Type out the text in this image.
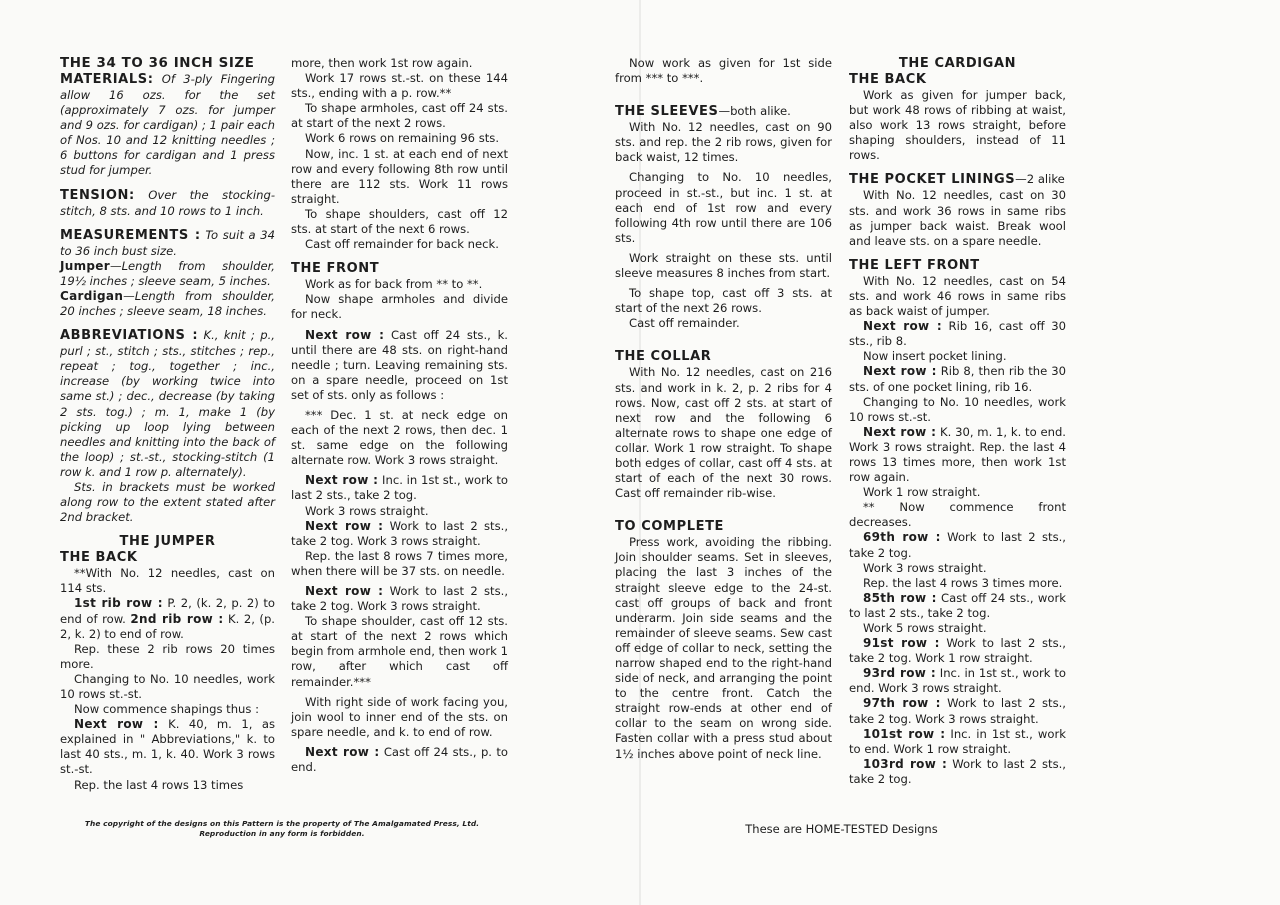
THE 34 TO 36 INCH SIZE

MATERIALS: Of 3-ply Fingering allow 16 ozs. for the set (approximately 7 ozs. for jumper and 9 ozs. for cardigan) ; 1 pair each of Nos. 10 and 12 knitting needles ; 6 buttons for cardigan and 1 press stud for jumper.

TENSION: Over the stocking-stitch, 8 sts. and 10 rows to 1 inch.

MEASUREMENTS : To suit a 34 to 36 inch bust size.

Jumper—Length from shoulder, 19½ inches ; sleeve seam, 5 inches.

Cardigan—Length from shoulder, 20 inches ; sleeve seam, 18 inches.

ABBREVIATIONS : K., knit ; p., purl ; st., stitch ; sts., stitches ; rep., repeat ; tog., together ; inc., increase (by working twice into same st.) ; dec., decrease (by taking 2 sts. tog.) ; m. 1, make 1 (by picking up loop lying between needles and knitting into the back of the loop) ; st.-st., stocking-stitch (1 row k. and 1 row p. alternately).

Sts. in brackets must be worked along row to the extent stated after 2nd bracket.

THE JUMPER

THE BACK

**With No. 12 needles, cast on 114 sts.

1st rib row : P. 2, (k. 2, p. 2) to end of row. 2nd rib row : K. 2, (p. 2, k. 2) to end of row.

Rep. these 2 rib rows 20 times more.

Changing to No. 10 needles, work 10 rows st.-st.

Now commence shapings thus :

Next row : K. 40, m. 1, as explained in " Abbreviations," k. to last 40 sts., m. 1, k. 40. Work 3 rows st.-st.

Rep. the last 4 rows 13 times

more, then work 1st row again.

Work 17 rows st.-st. on these 144 sts., ending with a p. row.**

To shape armholes, cast off 24 sts. at start of the next 2 rows.

Work 6 rows on remaining 96 sts.

Now, inc. 1 st. at each end of next row and every following 8th row until there are 112 sts. Work 11 rows straight.

To shape shoulders, cast off 12 sts. at start of the next 6 rows.

Cast off remainder for back neck.

THE FRONT

Work as for back from ** to **.

Now shape armholes and divide for neck.

Next row : Cast off 24 sts., k. until there are 48 sts. on right-hand needle ; turn. Leaving remaining sts. on a spare needle, proceed on 1st set of sts. only as follows :

*** Dec. 1 st. at neck edge on each of the next 2 rows, then dec. 1 st. same edge on the following alternate row. Work 3 rows straight.

Next row : Inc. in 1st st., work to last 2 sts., take 2 tog.

Work 3 rows straight.

Next row : Work to last 2 sts., take 2 tog. Work 3 rows straight.

Rep. the last 8 rows 7 times more, when there will be 37 sts. on needle.

Next row : Work to last 2 sts., take 2 tog. Work 3 rows straight.

To shape shoulder, cast off 12 sts. at start of the next 2 rows which begin from armhole end, then work 1 row, after which cast off remainder.***

With right side of work facing you, join wool to inner end of the sts. on spare needle, and k. to end of row.

Next row : Cast off 24 sts., p. to end.

Now work as given for 1st side from *** to ***.

THE SLEEVES—both alike.

With No. 12 needles, cast on 90 sts. and rep. the 2 rib rows, given for back waist, 12 times.

Changing to No. 10 needles, proceed in st.-st., but inc. 1 st. at each end of 1st row and every following 4th row until there are 106 sts.

Work straight on these sts. until sleeve measures 8 inches from start.

To shape top, cast off 3 sts. at start of the next 26 rows.

Cast off remainder.

THE COLLAR

With No. 12 needles, cast on 216 sts. and work in k. 2, p. 2 ribs for 4 rows. Now, cast off 2 sts. at start of next row and the following 6 alternate rows to shape one edge of collar. Work 1 row straight. To shape both edges of collar, cast off 4 sts. at start of each of the next 30 rows. Cast off remainder rib-wise.

TO COMPLETE

Press work, avoiding the ribbing. Join shoulder seams. Set in sleeves, placing the last 3 inches of the straight sleeve edge to the 24-st. cast off groups of back and front underarm. Join side seams and the remainder of sleeve seams. Sew cast off edge of collar to neck, setting the narrow shaped end to the right-hand side of neck, and arranging the point to the centre front. Catch the straight row-ends at other end of collar to the seam on wrong side. Fasten collar with a press stud about 1½ inches above point of neck line.

THE CARDIGAN

THE BACK

Work as given for jumper back, but work 48 rows of ribbing at waist, also work 13 rows straight, before shaping shoulders, instead of 11 rows.

THE POCKET LININGS—2 alike

With No. 12 needles, cast on 30 sts. and work 36 rows in same ribs as jumper back waist. Break wool and leave sts. on a spare needle.

THE LEFT FRONT

With No. 12 needles, cast on 54 sts. and work 46 rows in same ribs as back waist of jumper.

Next row : Rib 16, cast off 30 sts., rib 8.

Now insert pocket lining.

Next row : Rib 8, then rib the 30 sts. of one pocket lining, rib 16.

Changing to No. 10 needles, work 10 rows st.-st.

Next row : K. 30, m. 1, k. to end. Work 3 rows straight. Rep. the last 4 rows 13 times more, then work 1st row again.

Work 1 row straight.

** Now commence front decreases.

69th row : Work to last 2 sts., take 2 tog.

Work 3 rows straight.

Rep. the last 4 rows 3 times more.

85th row : Cast off 24 sts., work to last 2 sts., take 2 tog.

Work 5 rows straight.

91st row : Work to last 2 sts., take 2 tog. Work 1 row straight.

93rd row : Inc. in 1st st., work to end. Work 3 rows straight.

97th row : Work to last 2 sts., take 2 tog. Work 3 rows straight.

101st row : Inc. in 1st st., work to end. Work 1 row straight.

103rd row : Work to last 2 sts., take 2 tog.

The copyright of the designs on this Pattern is the property of The Amalgamated Press, Ltd.
Reproduction in any form is forbidden.	These are HOME-TESTED Designs
